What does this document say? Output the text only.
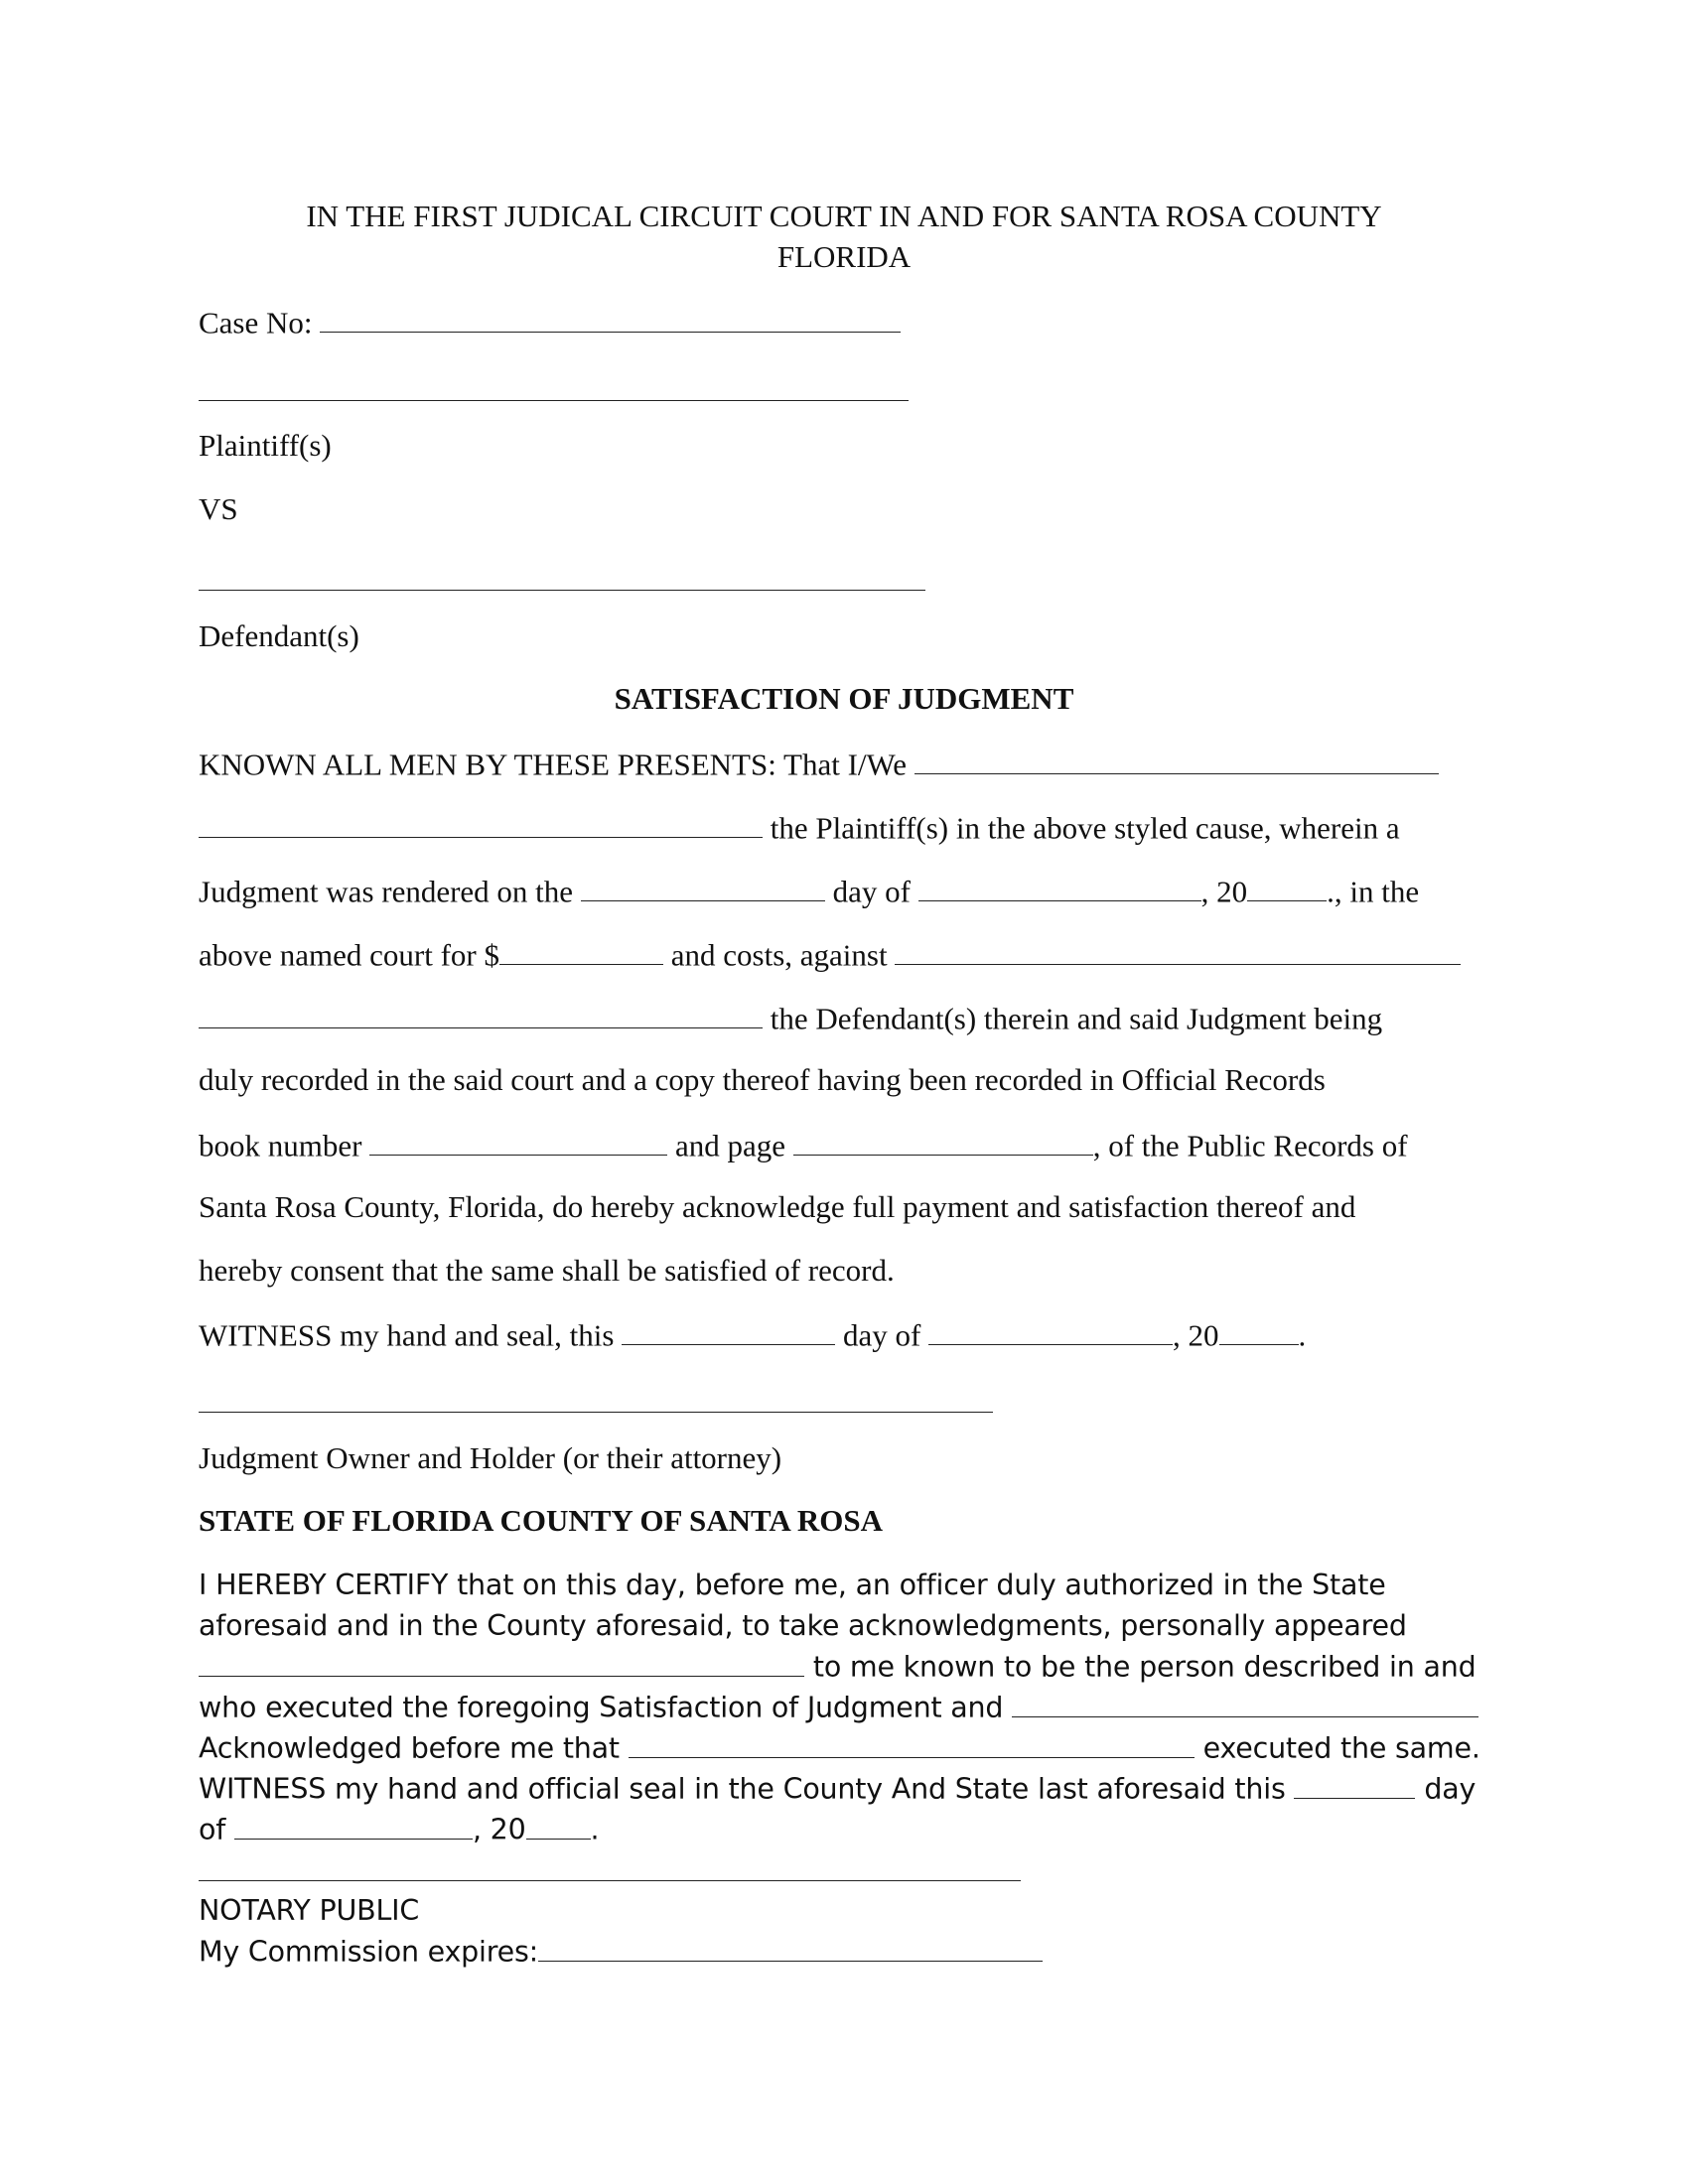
IN THE FIRST JUDICAL CIRCUIT COURT IN AND FOR SANTA ROSA COUNTY
FLORIDA
Case No:
Plaintiff(s)
VS
Defendant(s)
SATISFACTION OF JUDGMENT
KNOWN ALL MEN BY THESE PRESENTS: That I/We
the Plaintiff(s) in the above styled cause, wherein a
Judgment was rendered on the	day of	, 20	., in the
above named court for $	and costs, against
the Defendant(s) therein and said Judgment being
duly recorded in the said court and a copy thereof having been recorded in Official Records
book number	and page	, of the Public Records of
Santa Rosa County, Florida, do hereby acknowledge full payment and satisfaction thereof and
hereby consent that the same shall be satisfied of record.
WITNESS my hand and seal, this	day of	, 20	.
Judgment Owner and Holder (or their attorney)
STATE OF FLORIDA COUNTY OF SANTA ROSA
I HEREBY CERTIFY that on this day, before me, an officer duly authorized in the State
aforesaid and in the County aforesaid, to take acknowledgments, personally appeared
to me known to be the person described in and
who executed the foregoing Satisfaction of Judgment and
Acknowledged before me that	executed the same.
WITNESS my hand and official seal in the County And State last aforesaid this	day
of	, 20 .
NOTARY PUBLIC
My Commission expires:
